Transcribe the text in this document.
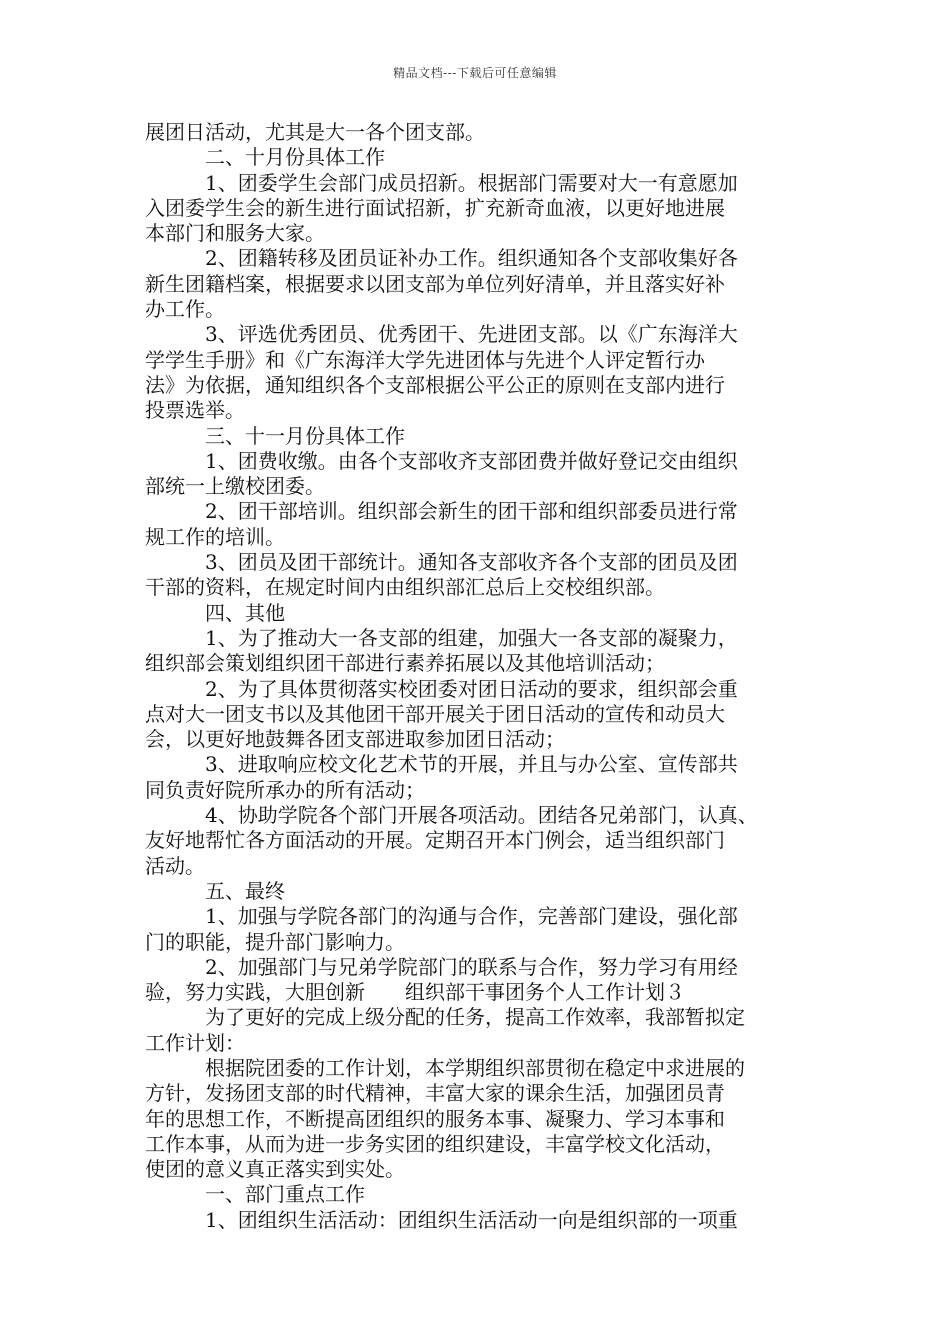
精品文档---下载后可任意编辑
展团日活动，尤其是大一各个团支部。
二、十月份具体工作
1、团委学生会部门成员招新。根据部门需要对大一有意愿加
入团委学生会的新生进行面试招新，扩充新奇血液，以更好地进展
本部门和服务大家。
2、团籍转移及团员证补办工作。组织通知各个支部收集好各
新生团籍档案，根据要求以团支部为单位列好清单，并且落实好补
办工作。
3、评选优秀团员、优秀团干、先进团支部。以《广东海洋大
学学生手册》和《广东海洋大学先进团体与先进个人评定暂行办
法》为依据，通知组织各个支部根据公平公正的原则在支部内进行
投票选举。
三、十一月份具体工作
1、团费收缴。由各个支部收齐支部团费并做好登记交由组织
部统一上缴校团委。
2、团干部培训。组织部会新生的团干部和组织部委员进行常
规工作的培训。
3、团员及团干部统计。通知各支部收齐各个支部的团员及团
干部的资料，在规定时间内由组织部汇总后上交校组织部。
四、其他
1、为了推动大一各支部的组建，加强大一各支部的凝聚力，
组织部会策划组织团干部进行素养拓展以及其他培训活动；
2、为了具体贯彻落实校团委对团日活动的要求，组织部会重
点对大一团支书以及其他团干部开展关于团日活动的宣传和动员大
会，以更好地鼓舞各团支部进取参加团日活动；
3、进取响应校文化艺术节的开展，并且与办公室、宣传部共
同负责好院所承办的所有活动；
4、协助学院各个部门开展各项活动。团结各兄弟部门，认真、
友好地帮忙各方面活动的开展。定期召开本门例会，适当组织部门
活动。
五、最终
1、加强与学院各部门的沟通与合作，完善部门建设，强化部
门的职能，提升部门影响力。
2、加强部门与兄弟学院部门的联系与合作，努力学习有用经
验，努力实践，大胆创新　　组织部干事团务个人工作计划３
为了更好的完成上级分配的任务，提高工作效率，我部暂拟定
工作计划：
根据院团委的工作计划，本学期组织部贯彻在稳定中求进展的
方针，发扬团支部的时代精神，丰富大家的课余生活，加强团员青
年的思想工作，不断提高团组织的服务本事、凝聚力、学习本事和
工作本事，从而为进一步务实团的组织建设，丰富学校文化活动，
使团的意义真正落实到实处。
一、部门重点工作
1、团组织生活活动：团组织生活活动一向是组织部的一项重
